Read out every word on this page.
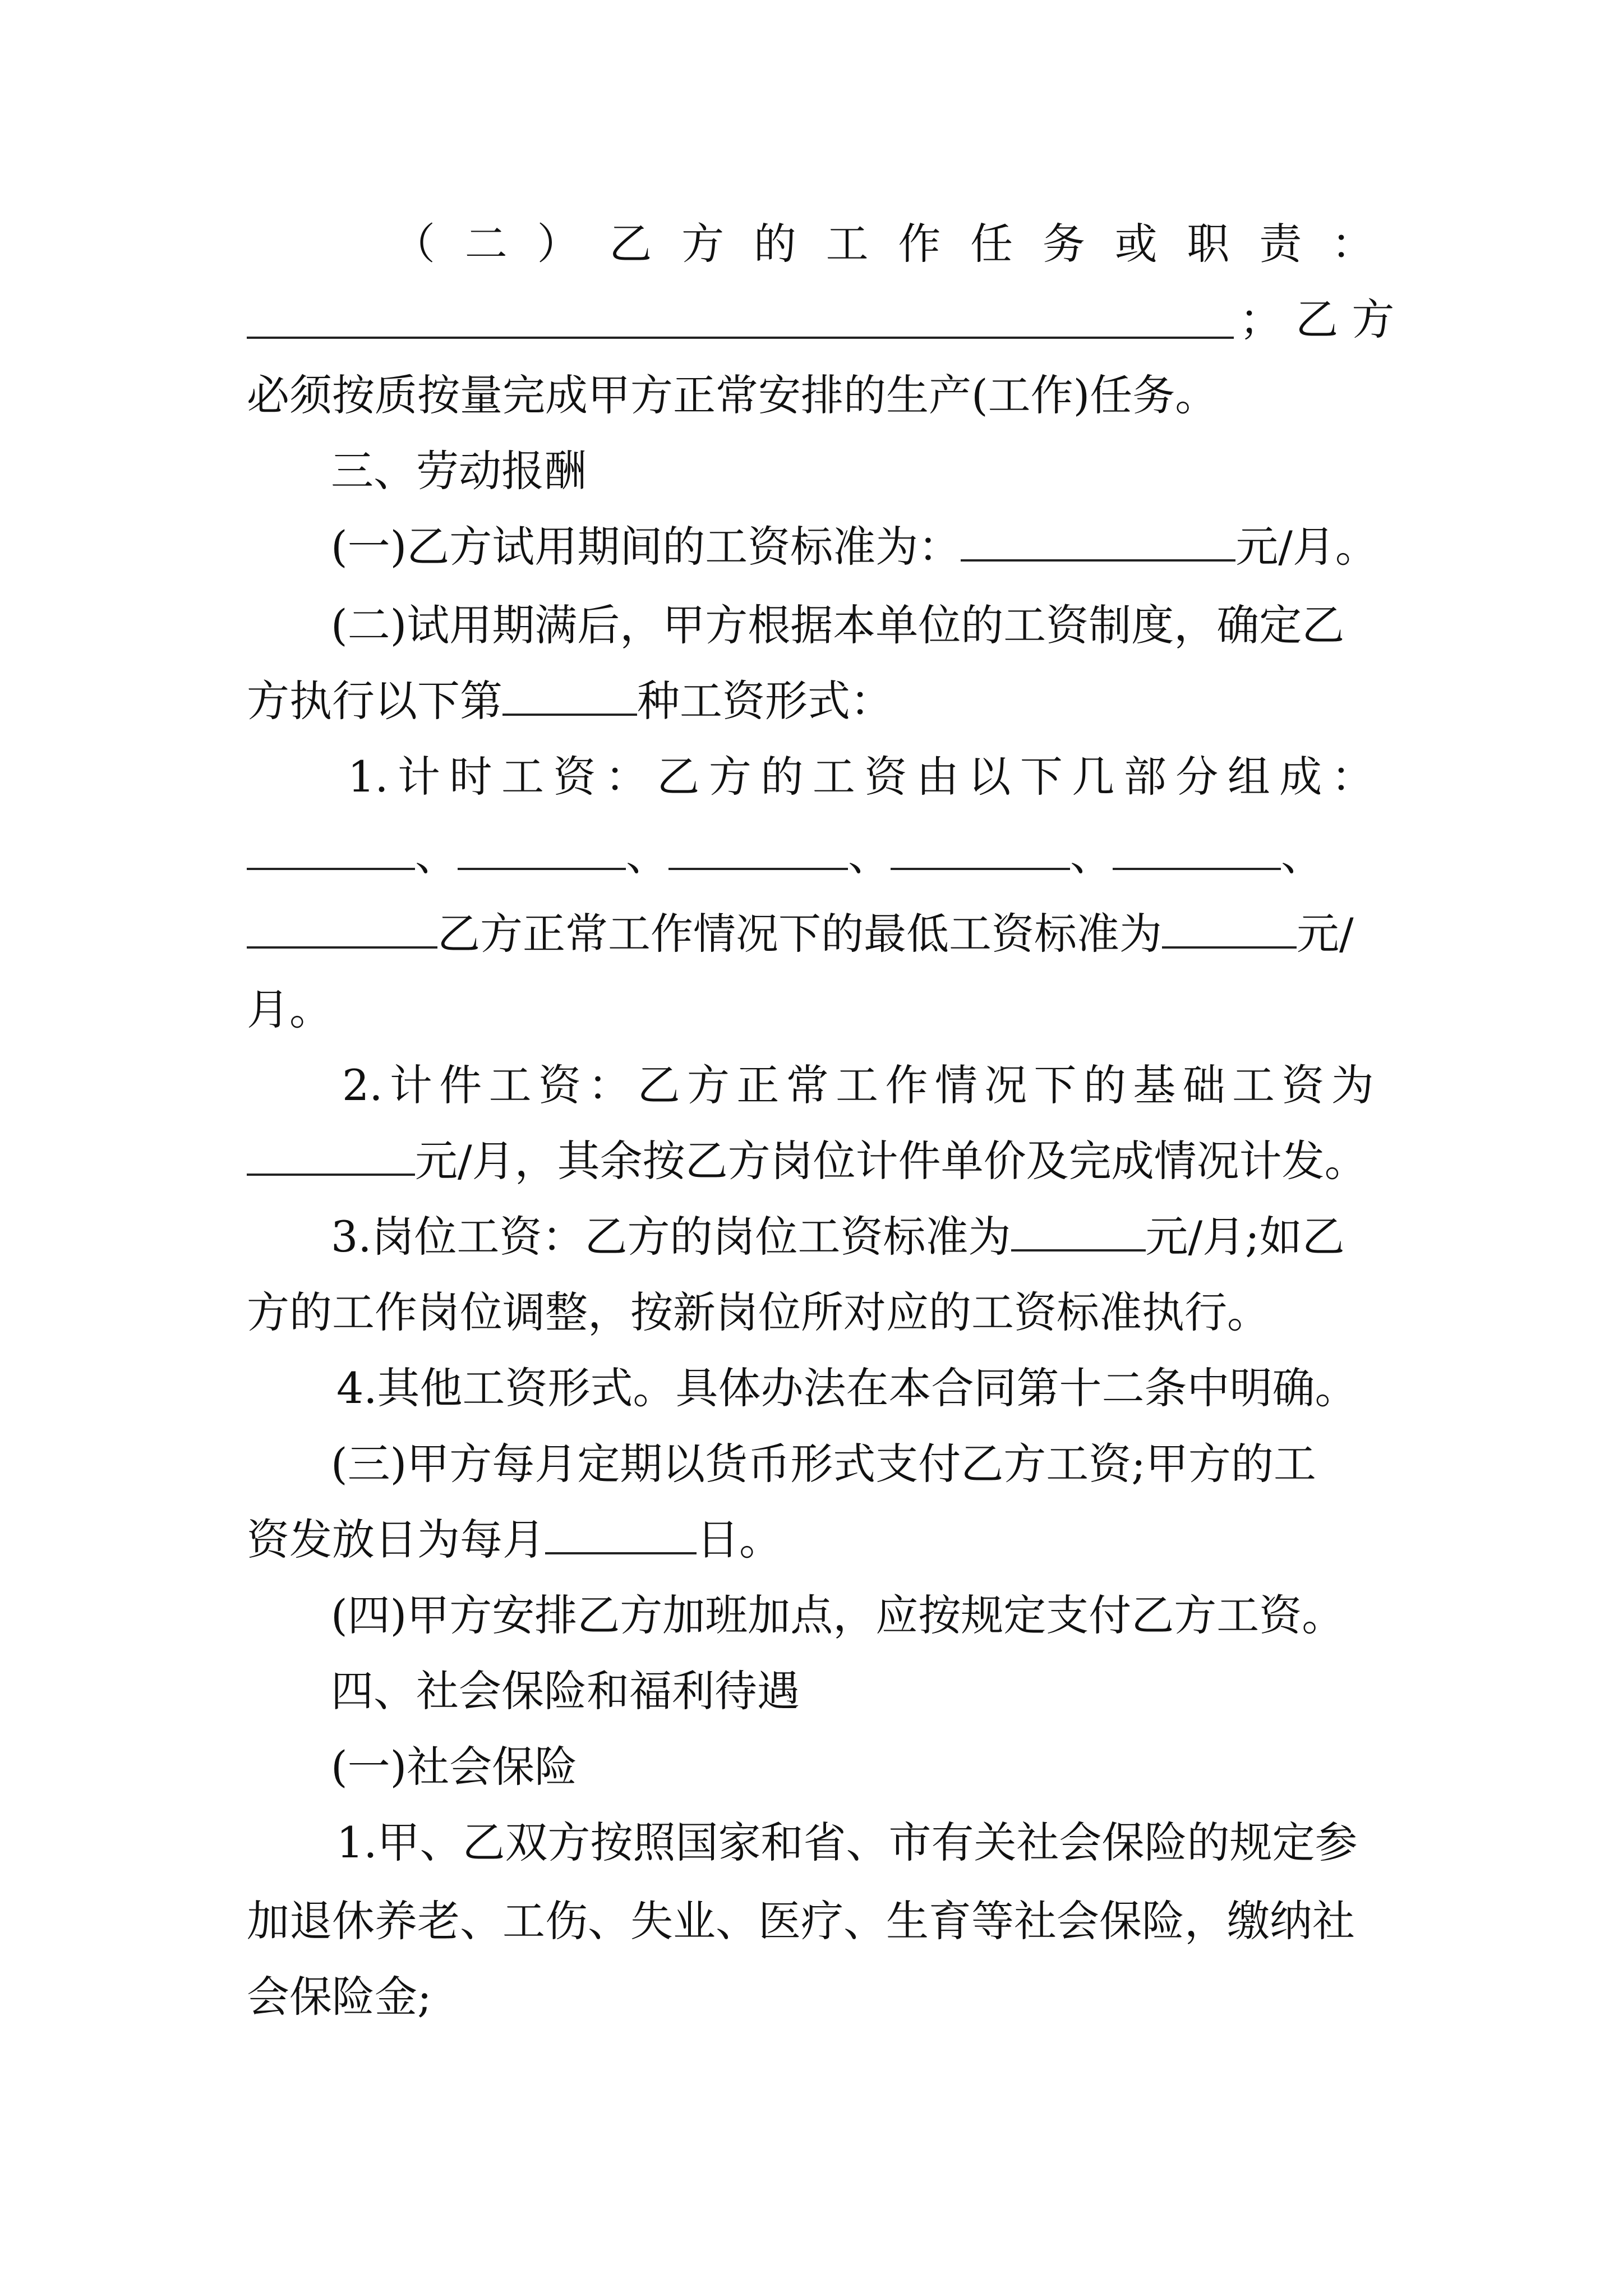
（ 二 ） 乙 方 的 工 作 任 务 或 职 责 ：
； 乙 方
必须按质按量完成甲方正常安排的生产(工作)任务。
三、劳动报酬
(一)乙方试用期间的工资标准为：	元/月。
(二)试用期满后，甲方根据本单位的工资制度，确定乙
方执行以下第	种工资形式：
1. 计 时 工 资 ： 乙 方 的 工 资 由 以 下 几 部 分 组 成 ：
、	、	、	、	、
乙方正常工作情况下的最低工资标准为	元/
月。
2. 计 件 工 资 ： 乙 方 正 常 工 作 情 况 下 的 基 础 工 资 为
元/月，其余按乙方岗位计件单价及完成情况计发。
3.岗位工资：乙方的岗位工资标准为	元/月;如乙
方的工作岗位调整，按新岗位所对应的工资标准执行。
4.其他工资形式。具体办法在本合同第十二条中明确。
(三)甲方每月定期以货币形式支付乙方工资;甲方的工
资发放日为每月	日。
(四)甲方安排乙方加班加点，应按规定支付乙方工资。
四、社会保险和福利待遇
(一)社会保险
1.甲、乙双方按照国家和省、市有关社会保险的规定参
加退休养老、工伤、失业、医疗、生育等社会保险，缴纳社
会保险金;
